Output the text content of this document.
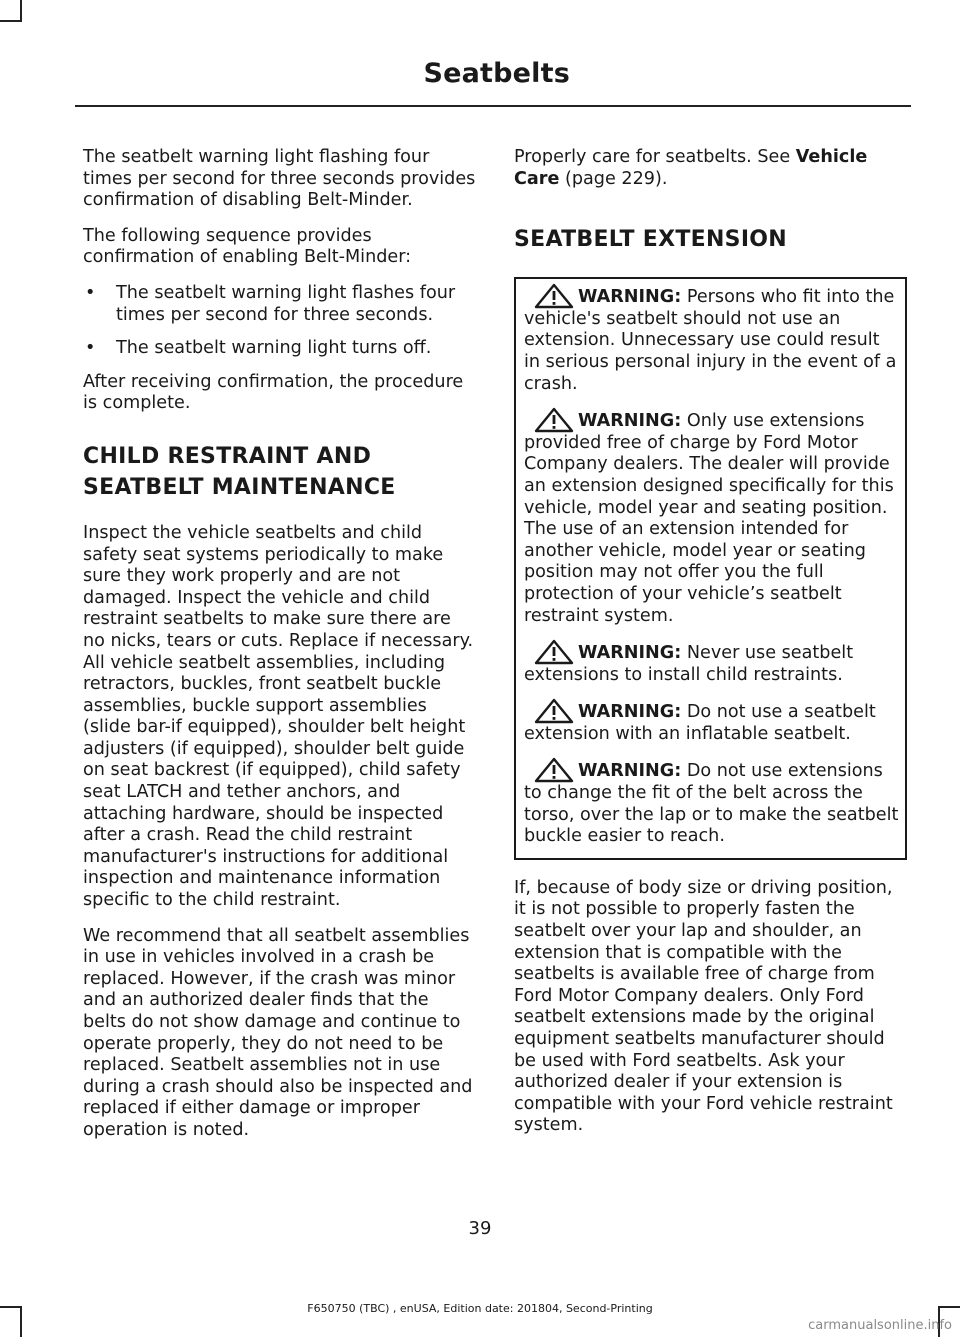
Seatbelts

The seatbelt warning light flashing four times per second for three seconds provides confirmation of disabling Belt-Minder.

The following sequence provides confirmation of enabling Belt-Minder:

• The seatbelt warning light flashes four times per second for three seconds.
• The seatbelt warning light turns off.

After receiving confirmation, the procedure is complete.

CHILD RESTRAINT AND
SEATBELT MAINTENANCE

Inspect the vehicle seatbelts and child safety seat systems periodically to make sure they work properly and are not damaged. Inspect the vehicle and child restraint seatbelts to make sure there are no nicks, tears or cuts. Replace if necessary. All vehicle seatbelt assemblies, including retractors, buckles, front seatbelt buckle assemblies, buckle support assemblies (slide bar-if equipped), shoulder belt height adjusters (if equipped), shoulder belt guide on seat backrest (if equipped), child safety seat LATCH and tether anchors, and attaching hardware, should be inspected after a crash. Read the child restraint manufacturer's instructions for additional inspection and maintenance information specific to the child restraint.

We recommend that all seatbelt assemblies in use in vehicles involved in a crash be replaced. However, if the crash was minor and an authorized dealer finds that the belts do not show damage and continue to operate properly, they do not need to be replaced. Seatbelt assemblies not in use during a crash should also be inspected and replaced if either damage or improper operation is noted.

Properly care for seatbelts. See Vehicle Care (page 229).

SEATBELT EXTENSION

WARNING: Persons who fit into the vehicle's seatbelt should not use an extension. Unnecessary use could result in serious personal injury in the event of a crash.

WARNING: Only use extensions provided free of charge by Ford Motor Company dealers. The dealer will provide an extension designed specifically for this vehicle, model year and seating position. The use of an extension intended for another vehicle, model year or seating position may not offer you the full protection of your vehicle’s seatbelt restraint system.

WARNING: Never use seatbelt extensions to install child restraints.

WARNING: Do not use a seatbelt extension with an inflatable seatbelt.

WARNING: Do not use extensions to change the fit of the belt across the torso, over the lap or to make the seatbelt buckle easier to reach.

If, because of body size or driving position, it is not possible to properly fasten the seatbelt over your lap and shoulder, an extension that is compatible with the seatbelts is available free of charge from Ford Motor Company dealers. Only Ford seatbelt extensions made by the original equipment seatbelts manufacturer should be used with Ford seatbelts. Ask your authorized dealer if your extension is compatible with your Ford vehicle restraint system.

39
F650750 (TBC) , enUSA, Edition date: 201804, Second-Printing
carmanualsonline.info
